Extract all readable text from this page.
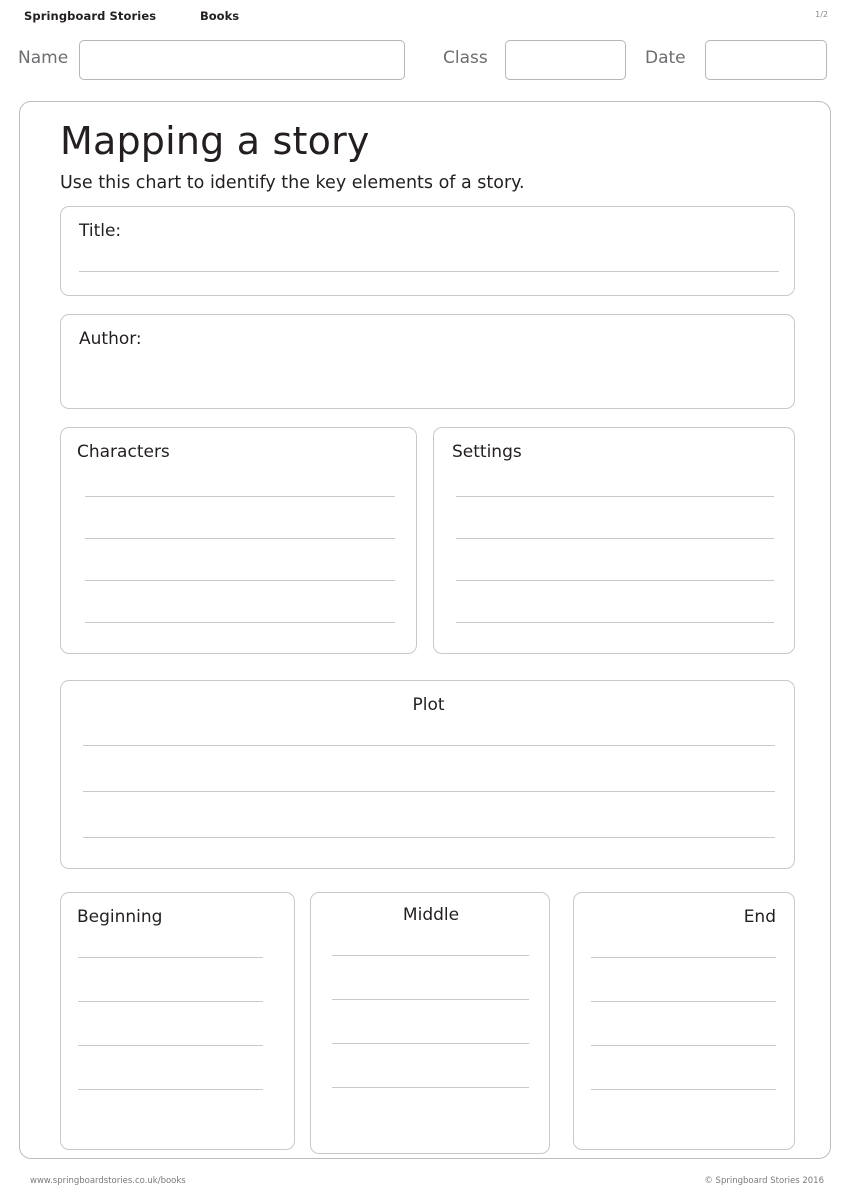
Springboard Stories	Books	1/2
Name	Class	Date
Mapping a story
Use this chart to identify the key elements of a story.
Title:
Author:
Characters	Settings
Plot
Beginning	Middle	End
www.springboardstories.co.uk/books	© Springboard Stories 2016
